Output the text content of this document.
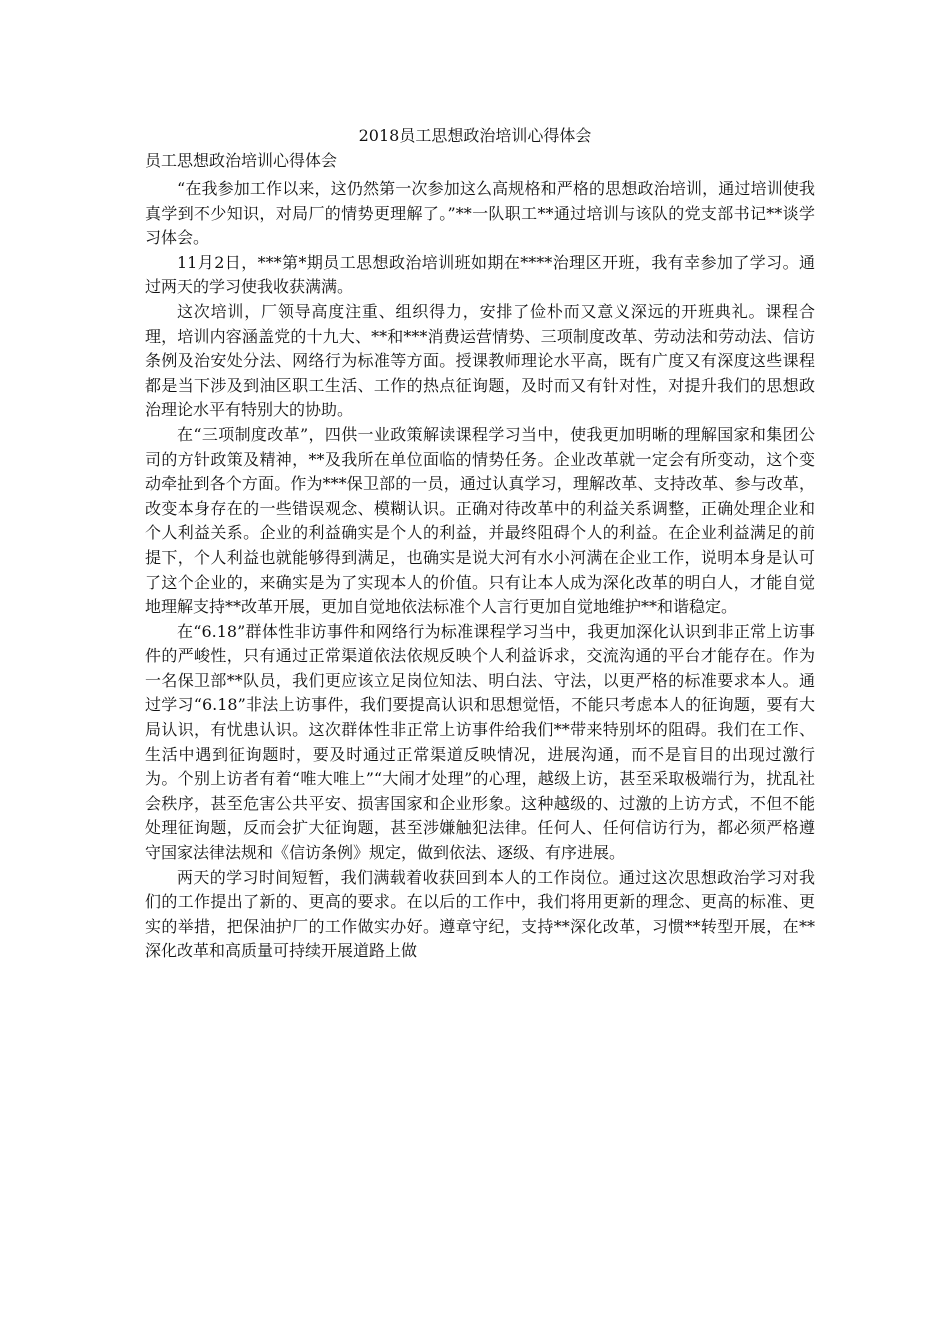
2018员工思想政治培训心得体会

员工思想政治培训心得体会

“在我参加工作以来，这仍然第一次参加这么高规格和严格的思想政治培训，通过培训使我真学到不少知识，对局厂的情势更理解了。”**一队职工**通过培训与该队的党支部书记**谈学习体会。

11月2日，***第*期员工思想政治培训班如期在****治理区开班，我有幸参加了学习。通过两天的学习使我收获满满。

这次培训，厂领导高度注重、组织得力，安排了俭朴而又意义深远的开班典礼。课程合理，培训内容涵盖党的十九大、**和***消费运营情势、三项制度改革、劳动法和劳动法、信访条例及治安处分法、网络行为标准等方面。授课教师理论水平高，既有广度又有深度这些课程都是当下涉及到油区职工生活、工作的热点征询题，及时而又有针对性，对提升我们的思想政治理论水平有特别大的协助。

在“三项制度改革”，四供一业政策解读课程学习当中，使我更加明晰的理解国家和集团公司的方针政策及精神，**及我所在单位面临的情势任务。企业改革就一定会有所变动，这个变动牵扯到各个方面。作为***保卫部的一员，通过认真学习，理解改革、支持改革、参与改革，改变本身存在的一些错误观念、模糊认识。正确对待改革中的利益关系调整，正确处理企业和个人利益关系。企业的利益确实是个人的利益，并最终阻碍个人的利益。在企业利益满足的前提下，个人利益也就能够得到满足，也确实是说大河有水小河满在企业工作，说明本身是认可了这个企业的，来确实是为了实现本人的价值。只有让本人成为深化改革的明白人，才能自觉地理解支持**改革开展，更加自觉地依法标准个人言行更加自觉地维护**和谐稳定。

在“6.18”群体性非访事件和网络行为标准课程学习当中，我更加深化认识到非正常上访事件的严峻性，只有通过正常渠道依法依规反映个人利益诉求，交流沟通的平台才能存在。作为一名保卫部**队员，我们更应该立足岗位知法、明白法、守法，以更严格的标准要求本人。通过学习“6.18”非法上访事件，我们要提高认识和思想觉悟，不能只考虑本人的征询题，要有大局认识，有忧患认识。这次群体性非正常上访事件给我们**带来特别坏的阻碍。我们在工作、生活中遇到征询题时，要及时通过正常渠道反映情况，进展沟通，而不是盲目的出现过激行为。个别上访者有着“唯大唯上”“大闹才处理”的心理，越级上访，甚至采取极端行为，扰乱社会秩序，甚至危害公共平安、损害国家和企业形象。这种越级的、过激的上访方式，不但不能处理征询题，反而会扩大征询题，甚至涉嫌触犯法律。任何人、任何信访行为，都必须严格遵守国家法律法规和《信访条例》规定，做到依法、逐级、有序进展。

两天的学习时间短暂，我们满载着收获回到本人的工作岗位。通过这次思想政治学习对我们的工作提出了新的、更高的要求。在以后的工作中，我们将用更新的理念、更高的标准、更实的举措，把保油护厂的工作做实办好。遵章守纪，支持**深化改革，习惯**转型开展，在**深化改革和高质量可持续开展道路上做
